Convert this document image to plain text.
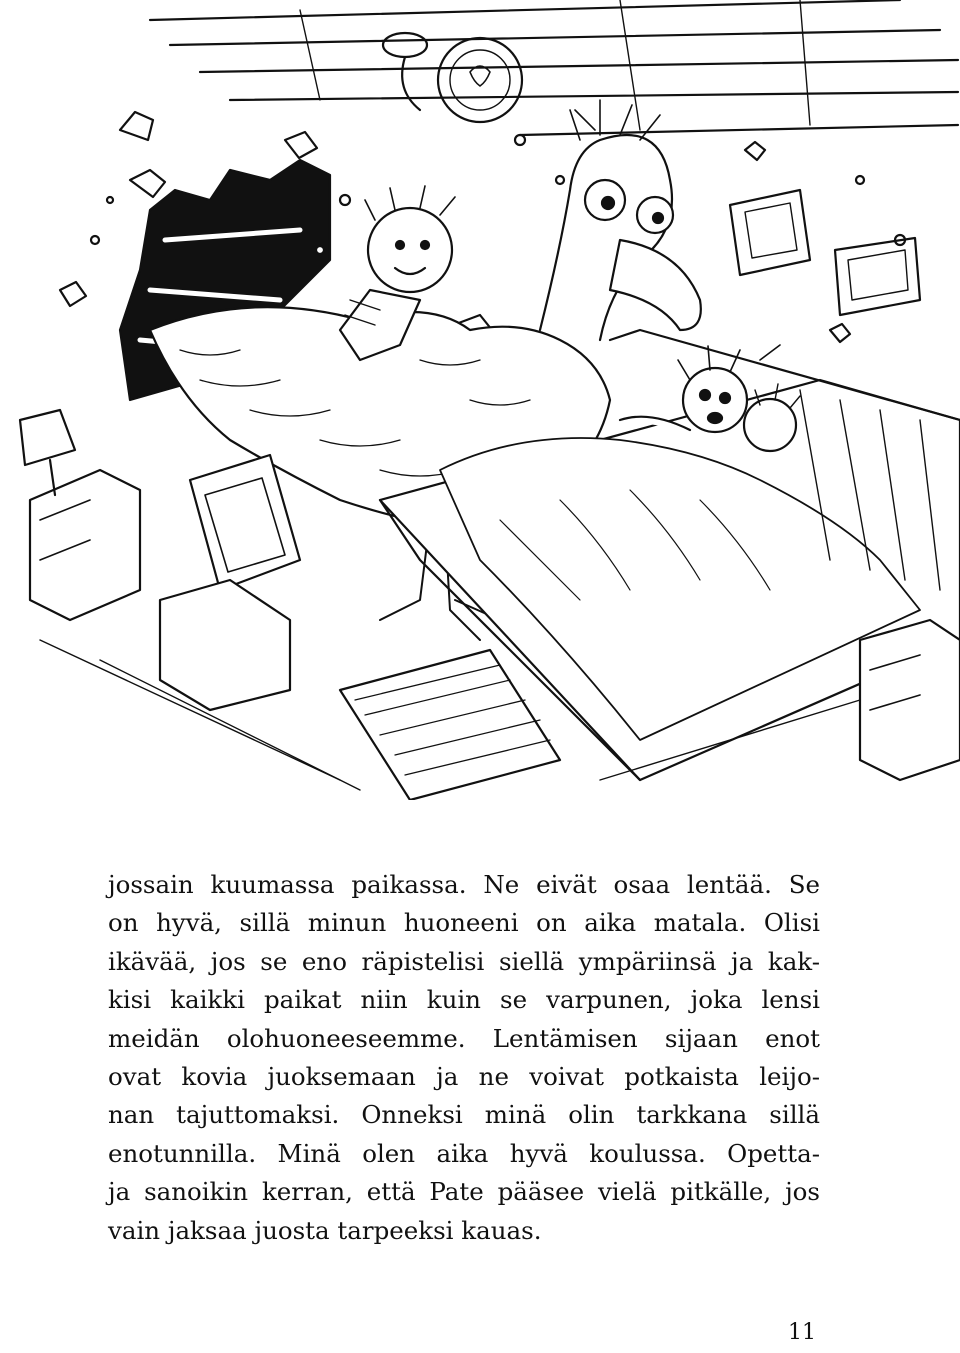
jossain kuumassa paikassa. Ne eivät osaa lentää. Se
on hyvä, sillä minun huoneeni on aika matala. Olisi
ikävää, jos se eno räpistelisi siellä ympäriinsä ja kak-
kisi kaikki paikat niin kuin se varpunen, joka lensi
meidän olohuoneeseemme. Lentämisen sijaan enot
ovat kovia juoksemaan ja ne voivat potkaista leijo-
nan tajuttomaksi. Onneksi minä olin tarkkana sillä
enotunnilla. Minä olen aika hyvä koulussa. Opetta-
ja sanoikin kerran, että Pate pääsee vielä pitkälle, jos
vain jaksaa juosta tarpeeksi kauas.
11
